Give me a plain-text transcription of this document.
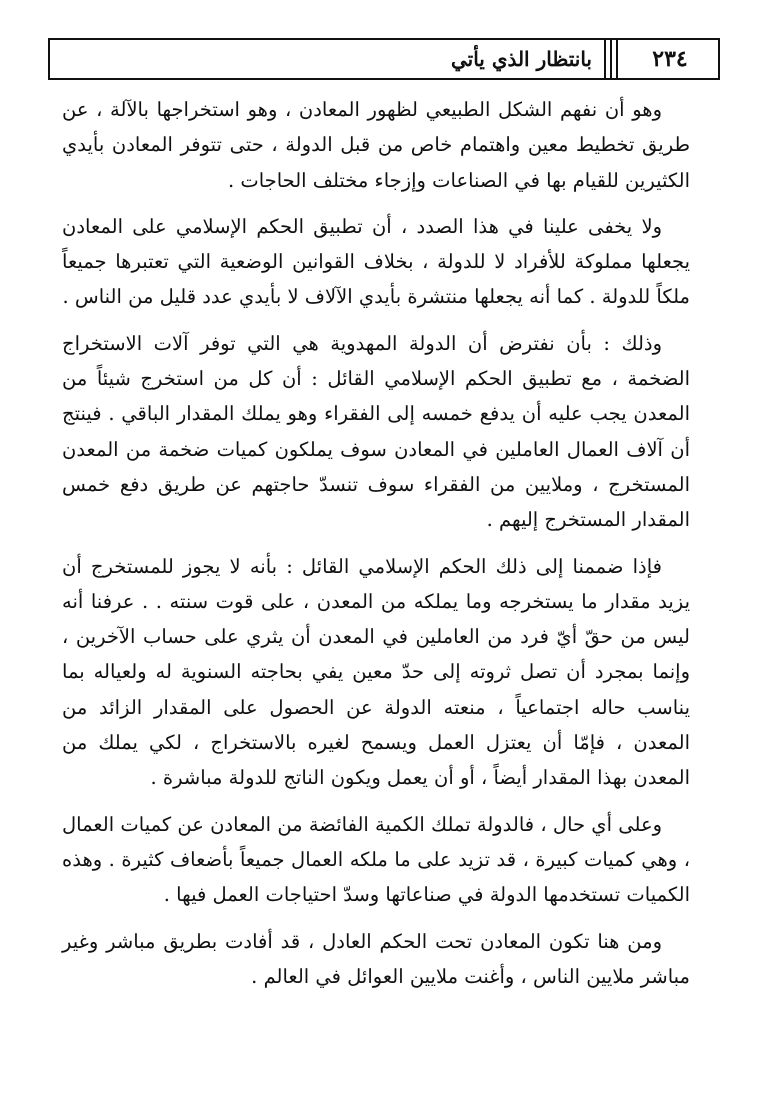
٢٣٤
بانتظار الذي يأتي

وهو أن نفهم الشكل الطبيعي لظهور المعادن ، وهو استخراجها بالآلة ، عن طريق تخطيط معين واهتمام خاص من قبل الدولة ، حتى تتوفر المعادن بأيدي الكثيرين للقيام بها في الصناعات وإزجاء مختلف الحاجات .

ولا يخفى علينا في هذا الصدد ، أن تطبيق الحكم الإسلامي على المعادن يجعلها مملوكة للأفراد لا للدولة ، بخلاف القوانين الوضعية التي تعتبرها جميعاً ملكاً للدولة . كما أنه يجعلها منتشرة بأيدي الآلاف لا بأيدي عدد قليل من الناس .

وذلك : بأن نفترض أن الدولة المهدوية هي التي توفر آلات الاستخراج الضخمة ، مع تطبيق الحكم الإسلامي القائل : أن كل من استخرج شيئاً من المعدن يجب عليه أن يدفع خمسه إلى الفقراء وهو يملك المقدار الباقي . فينتج أن آلاف العمال العاملين في المعادن سوف يملكون كميات ضخمة من المعدن المستخرج ، وملايين من الفقراء سوف تنسدّ حاجتهم عن طريق دفع خمس المقدار المستخرج إليهم .

فإذا ضممنا إلى ذلك الحكم الإسلامي القائل : بأنه لا يجوز للمستخرج أن يزيد مقدار ما يستخرجه وما يملكه من المعدن ، على قوت سنته . . عرفنا أنه ليس من حقّ أيّ فرد من العاملين في المعدن أن يثري على حساب الآخرين ، وإنما بمجرد أن تصل ثروته إلى حدّ معين يفي بحاجته السنوية له ولعياله بما يناسب حاله اجتماعياً ، منعته الدولة عن الحصول على المقدار الزائد من المعدن ، فإمّا أن يعتزل العمل ويسمح لغيره بالاستخراج ، لكي يملك من المعدن بهذا المقدار أيضاً ، أو أن يعمل ويكون الناتج للدولة مباشرة .

وعلى أي حال ، فالدولة تملك الكمية الفائضة من المعادن عن كميات العمال ، وهي كميات كبيرة ، قد تزيد على ما ملكه العمال جميعاً بأضعاف كثيرة . وهذه الكميات تستخدمها الدولة في صناعاتها وسدّ احتياجات العمل فيها .

ومن هنا تكون المعادن تحت الحكم العادل ، قد أفادت بطريق مباشر وغير مباشر ملايين الناس ، وأغنت ملايين العوائل في العالم .
